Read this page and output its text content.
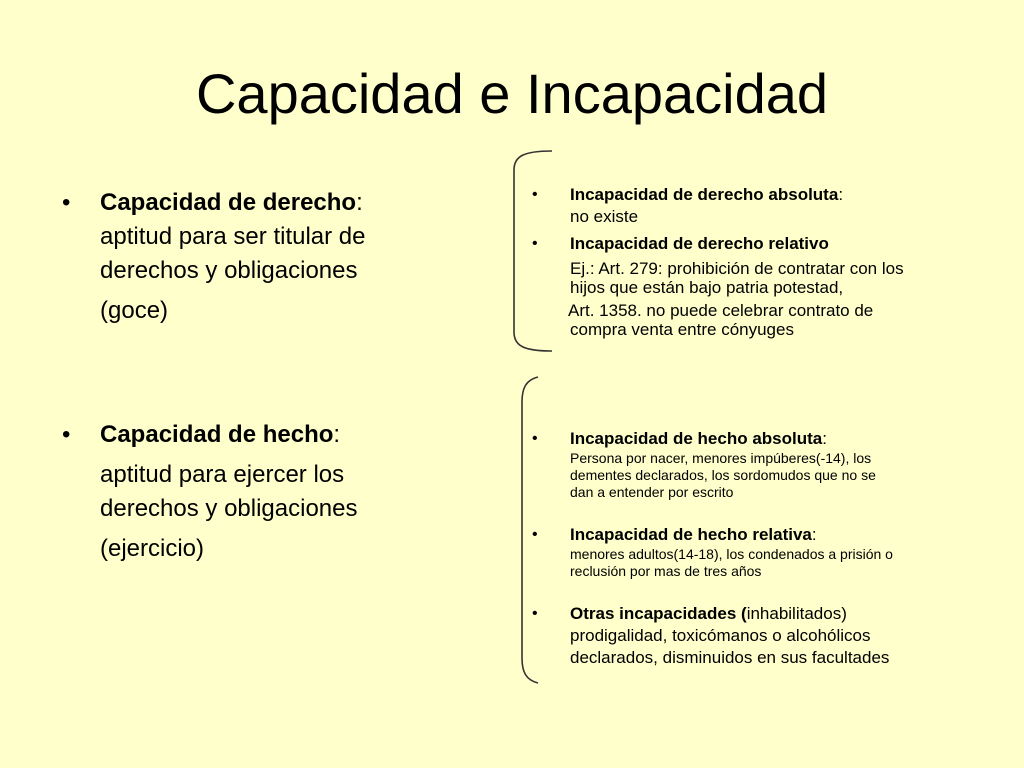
Capacidad e Incapacidad
• Capacidad de derecho:
aptitud para ser titular de
derechos y obligaciones
(goce)
• Capacidad de hecho:
aptitud para ejercer los
derechos y obligaciones
(ejercicio)
• Incapacidad de derecho absoluta:
no existe
• Incapacidad de derecho relativo
Ej.: Art. 279: prohibición de contratar con los
hijos que están bajo patria potestad,
Art. 1358. no puede celebrar contrato de
compra venta entre cónyuges
• Incapacidad de hecho absoluta:
Persona por nacer, menores impúberes(-14), los
dementes declarados, los sordomudos que no se
dan a entender por escrito
• Incapacidad de hecho relativa:
menores adultos(14-18), los condenados a prisión o
reclusión por mas de tres años
• Otras incapacidades (inhabilitados)
prodigalidad, toxicómanos o alcohólicos
declarados, disminuidos en sus facultades
